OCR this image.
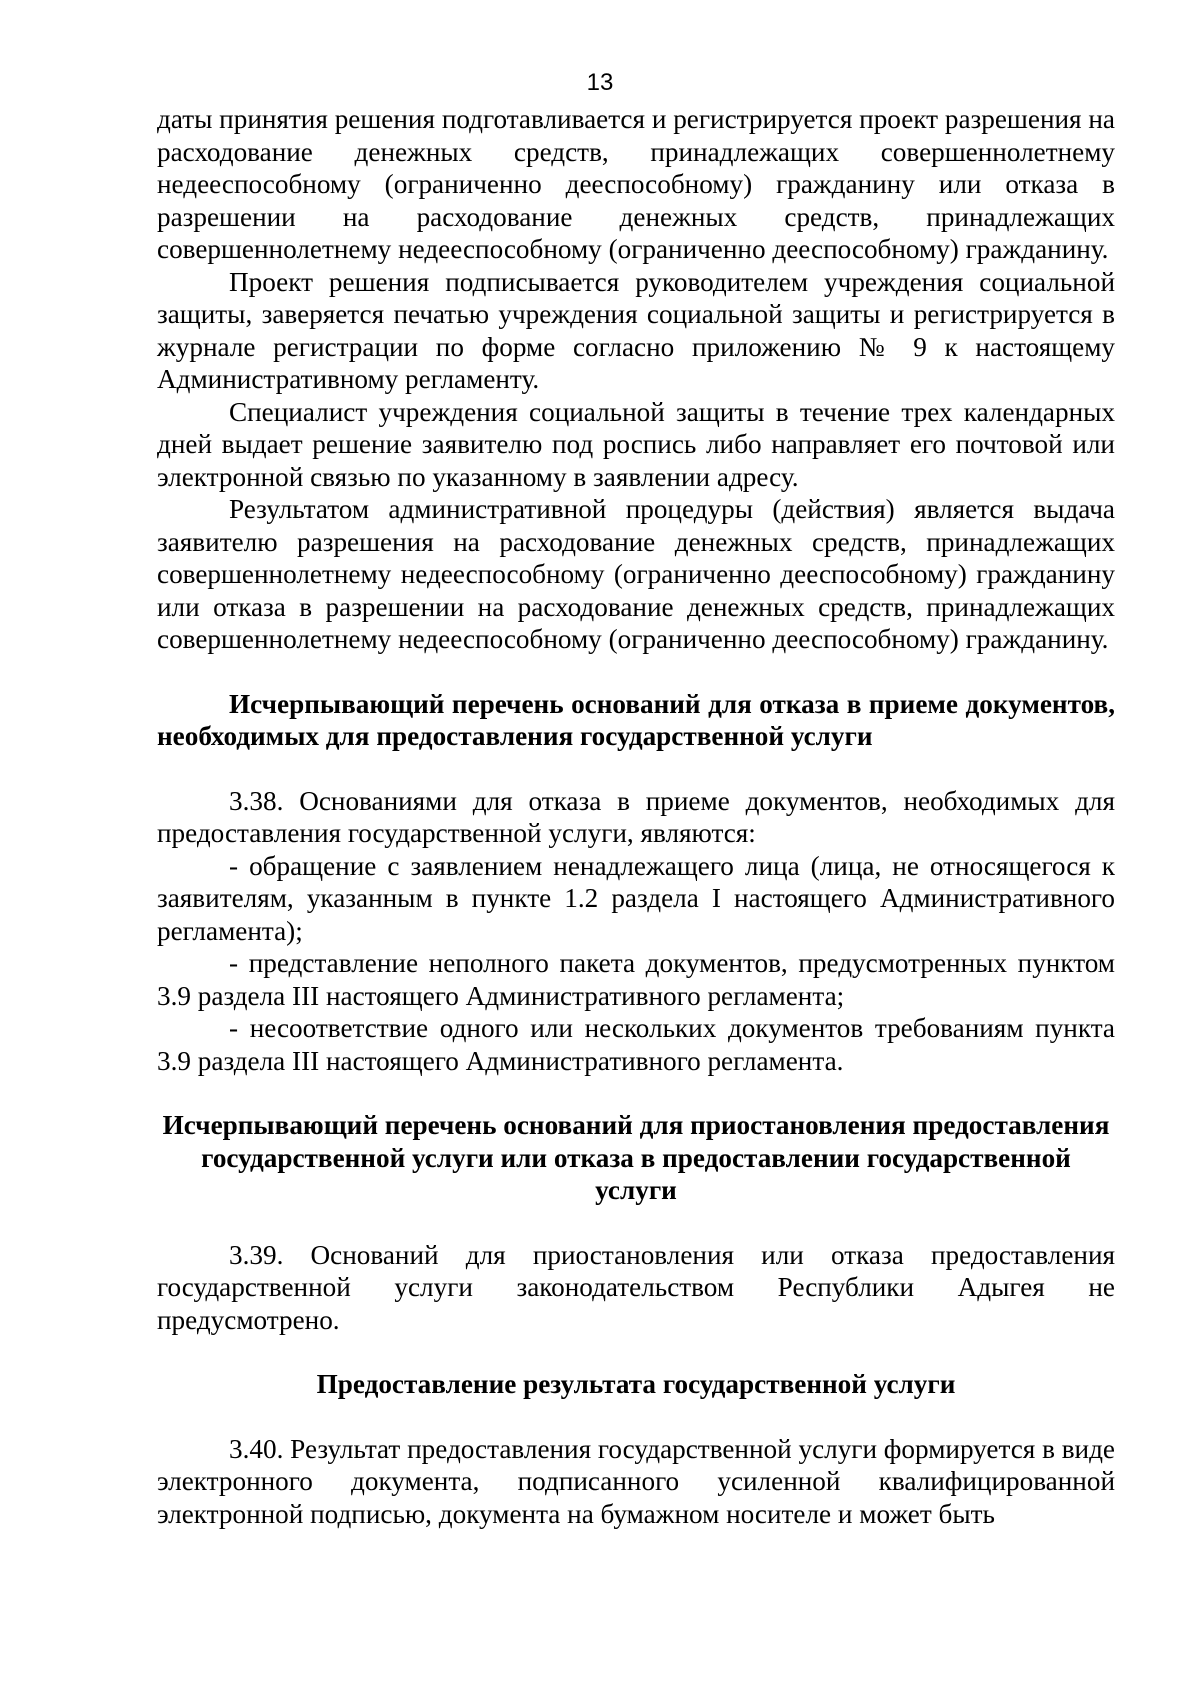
13

даты принятия решения подготавливается и регистрируется проект разрешения на расходование денежных средств, принадлежащих совершеннолетнему недееспособному (ограниченно дееспособному) гражданину или отказа в разрешении на расходование денежных средств, принадлежащих совершеннолетнему недееспособному (ограниченно дееспособному) гражданину.

Проект решения подписывается руководителем учреждения социальной защиты, заверяется печатью учреждения социальной защиты и регистрируется в журнале регистрации по форме согласно приложению № 9 к настоящему Административному регламенту.

Специалист учреждения социальной защиты в течение трех календарных дней выдает решение заявителю под роспись либо направляет его почтовой или электронной связью по указанному в заявлении адресу.

Результатом административной процедуры (действия) является выдача заявителю разрешения на расходование денежных средств, принадлежащих совершеннолетнему недееспособному (ограниченно дееспособному) гражданину или отказа в разрешении на расходование денежных средств, принадлежащих совершеннолетнему недееспособному (ограниченно дееспособному) гражданину.

Исчерпывающий перечень оснований для отказа в приеме документов, необходимых для предоставления государственной услуги

3.38. Основаниями для отказа в приеме документов, необходимых для предоставления государственной услуги, являются:

- обращение с заявлением ненадлежащего лица (лица, не относящегося к заявителям, указанным в пункте 1.2 раздела I настоящего Административного регламента);

- представление неполного пакета документов, предусмотренных пунктом 3.9 раздела III настоящего Административного регламента;

- несоответствие одного или нескольких документов требованиям пункта 3.9 раздела III настоящего Административного регламента.

Исчерпывающий перечень оснований для приостановления предоставления государственной услуги или отказа в предоставлении государственной услуги

3.39. Оснований для приостановления или отказа предоставления государственной услуги законодательством Республики Адыгея не предусмотрено.

Предоставление результата государственной услуги

3.40. Результат предоставления государственной услуги формируется в виде электронного документа, подписанного усиленной квалифицированной электронной подписью, документа на бумажном носителе и может быть
